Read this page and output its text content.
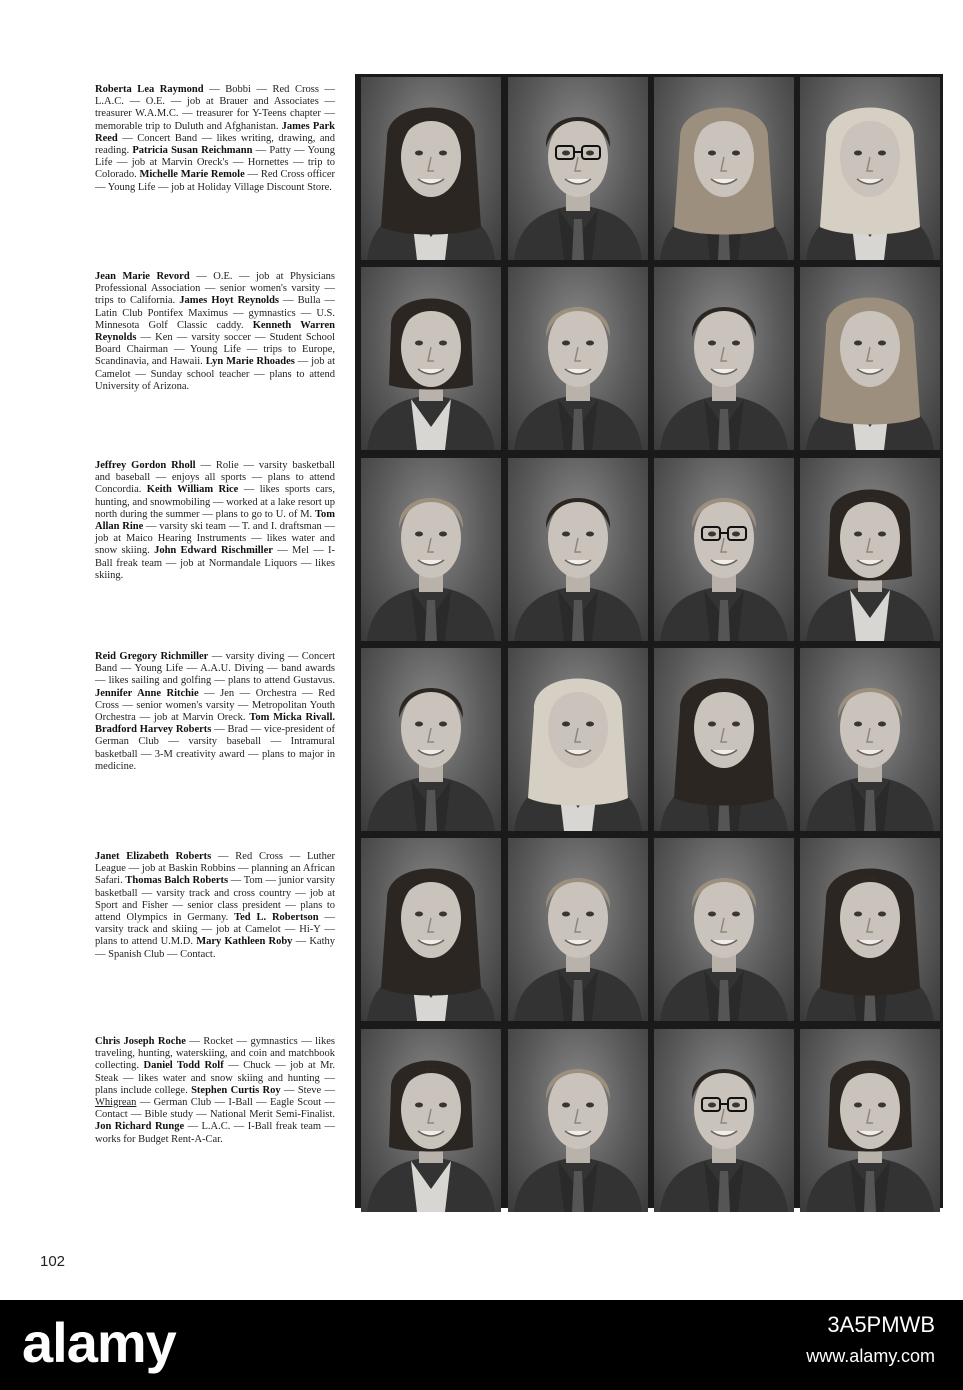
Roberta Lea Raymond — Bobbi — Red Cross — L.A.C. — O.E. — job at Brauer and Associates — treasurer W.A.M.C. — treasurer for Y-Teens chapter — memorable trip to Duluth and Afghanistan. James Park Reed — Concert Band — likes writing, drawing, and reading. Patricia Susan Reichmann — Patty — Young Life — job at Marvin Oreck's — Hornettes — trip to Colorado. Michelle Marie Remole — Red Cross officer — Young Life — job at Holiday Village Discount Store.

Jean Marie Revord — O.E. — job at Physicians Professional Association — senior women's varsity — trips to California. James Hoyt Reynolds — Bulla — Latin Club Pontifex Maximus — gymnastics — U.S. Minnesota Golf Classic caddy. Kenneth Warren Reynolds — Ken — varsity soccer — Student School Board Chairman — Young Life — trips to Europe, Scandinavia, and Hawaii. Lyn Marie Rhoades — job at Camelot — Sunday school teacher — plans to attend University of Arizona.

Jeffrey Gordon Rholl — Rolie — varsity basketball and baseball — enjoys all sports — plans to attend Concordia. Keith William Rice — likes sports cars, hunting, and snowmobiling — worked at a lake resort up north during the summer — plans to go to U. of M. Tom Allan Rine — varsity ski team — T. and I. draftsman — job at Maico Hearing Instruments — likes water and snow skiing. John Edward Rischmiller — Mel — I-Ball freak team — job at Normandale Liquors — likes skiing.

Reid Gregory Richmiller — varsity diving — Concert Band — Young Life — A.A.U. Diving — band awards — likes sailing and golfing — plans to attend Gustavus. Jennifer Anne Ritchie — Jen — Orchestra — Red Cross — senior women's varsity — Metropolitan Youth Orchestra — job at Marvin Oreck. Tom Micka Rivall. Bradford Harvey Roberts — Brad — vice-president of German Club — varsity baseball — Intramural basketball — 3-M creativity award — plans to major in medicine.

Janet Elizabeth Roberts — Red Cross — Luther League — job at Baskin Robbins — planning an African Safari. Thomas Balch Roberts — Tom — junior varsity basketball — varsity track and cross country — job at Sport and Fisher — senior class president — plans to attend Olympics in Germany. Ted L. Robertson — varsity track and skiing — job at Camelot — Hi-Y — plans to attend U.M.D. Mary Kathleen Roby — Kathy — Spanish Club — Contact.

Chris Joseph Roche — Rocket — gymnastics — likes traveling, hunting, waterskiing, and coin and matchbook collecting. Daniel Todd Rolf — Chuck — job at Mr. Steak — likes water and snow skiing and hunting — plans include college. Stephen Curtis Roy — Steve — Whigrean — German Club — I-Ball — Eagle Scout — Contact — Bible study — National Merit Semi-Finalist. Jon Richard Runge — L.A.C. — I-Ball freak team — works for Budget Rent-A-Car.

102
alamy	3A5PMWB
www.alamy.com
